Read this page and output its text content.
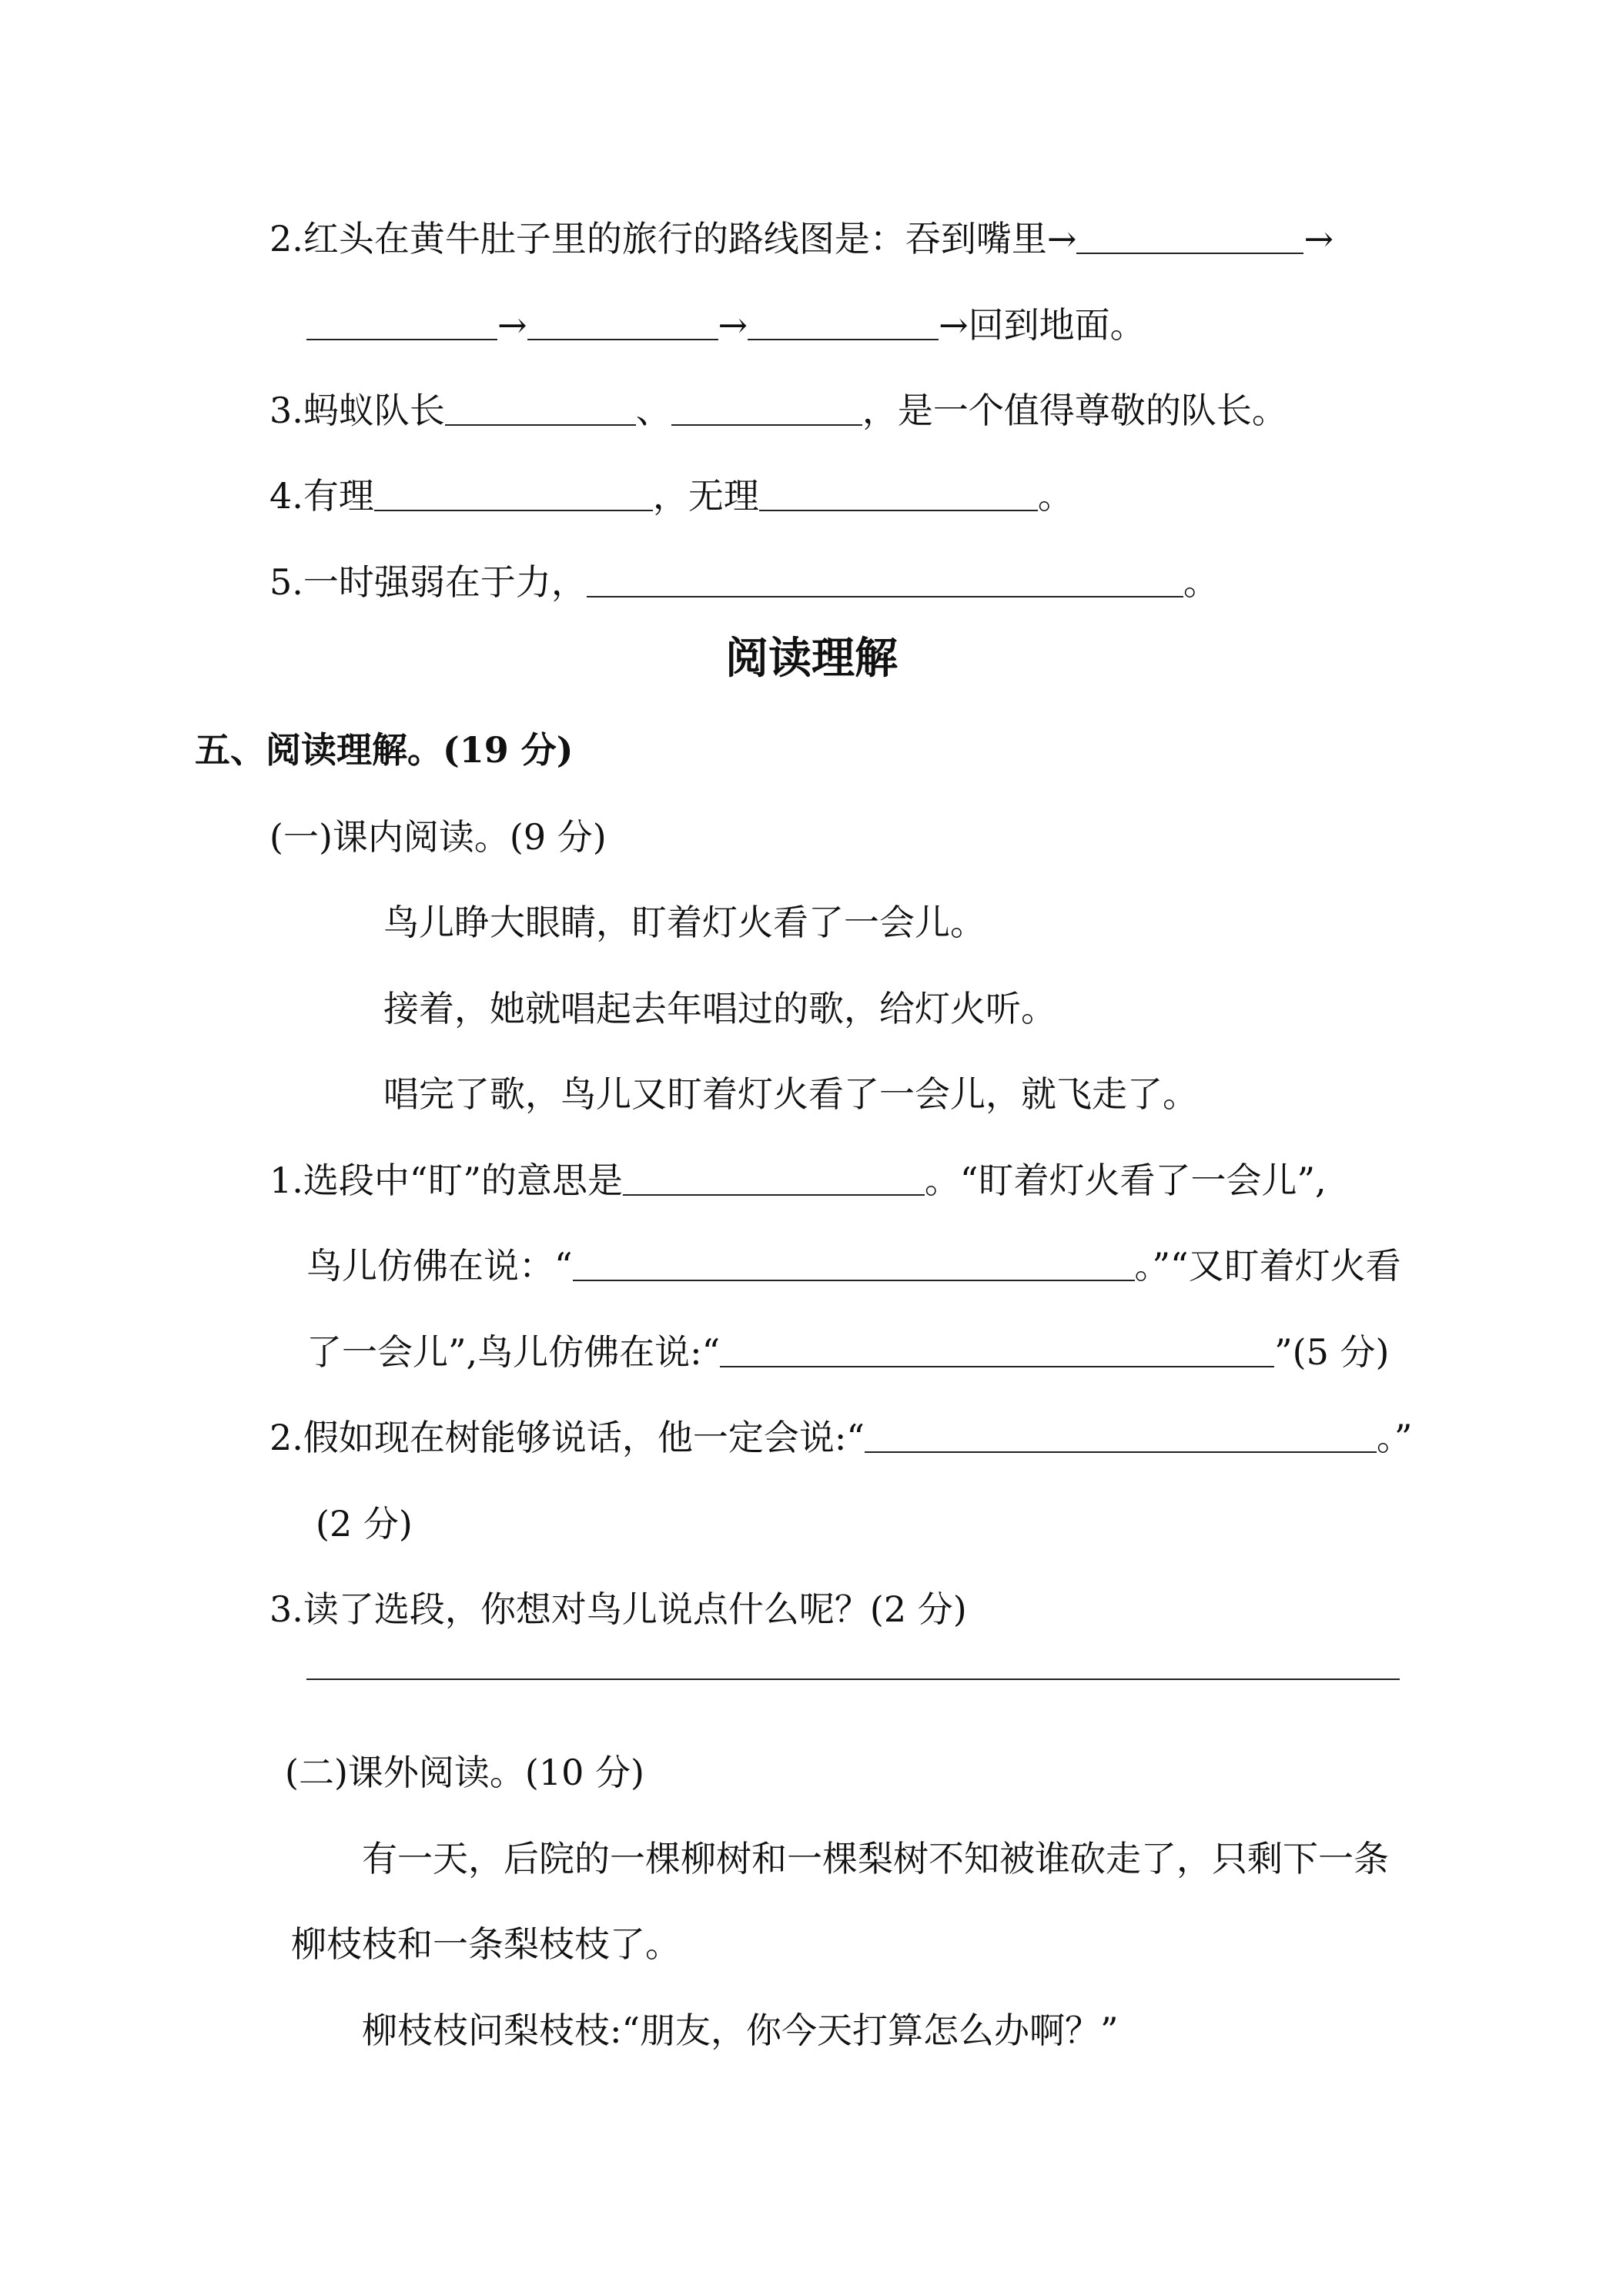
2.红头在黄牛肚子里的旅行的路线图是：吞到嘴里→	→
→	→	→回到地面。
3.蚂蚁队长	、	，是一个值得尊敬的队长。
4.有理	，无理	。
5.一时强弱在于力，	。
阅读理解
五、阅读理解。(19 分)
(一)课内阅读。(9 分)
鸟儿睁大眼睛，盯着灯火看了一会儿。
接着，她就唱起去年唱过的歌，给灯火听。
唱完了歌，鸟儿又盯着灯火看了一会儿，就飞走了。
1.选段中“盯”的意思是	。“盯着灯火看了一会儿”,
鸟儿仿佛在说：“	。”“又盯着灯火看
了一会儿”,鸟儿仿佛在说:“	”(5 分)
2.假如现在树能够说话，他一定会说:“	。”
(2 分)
3.读了选段，你想对鸟儿说点什么呢？(2 分)
(二)课外阅读。(10 分)
有一天，后院的一棵柳树和一棵梨树不知被谁砍走了，只剩下一条
柳枝枝和一条梨枝枝了。
柳枝枝问梨枝枝:“朋友，你今天打算怎么办啊？”
